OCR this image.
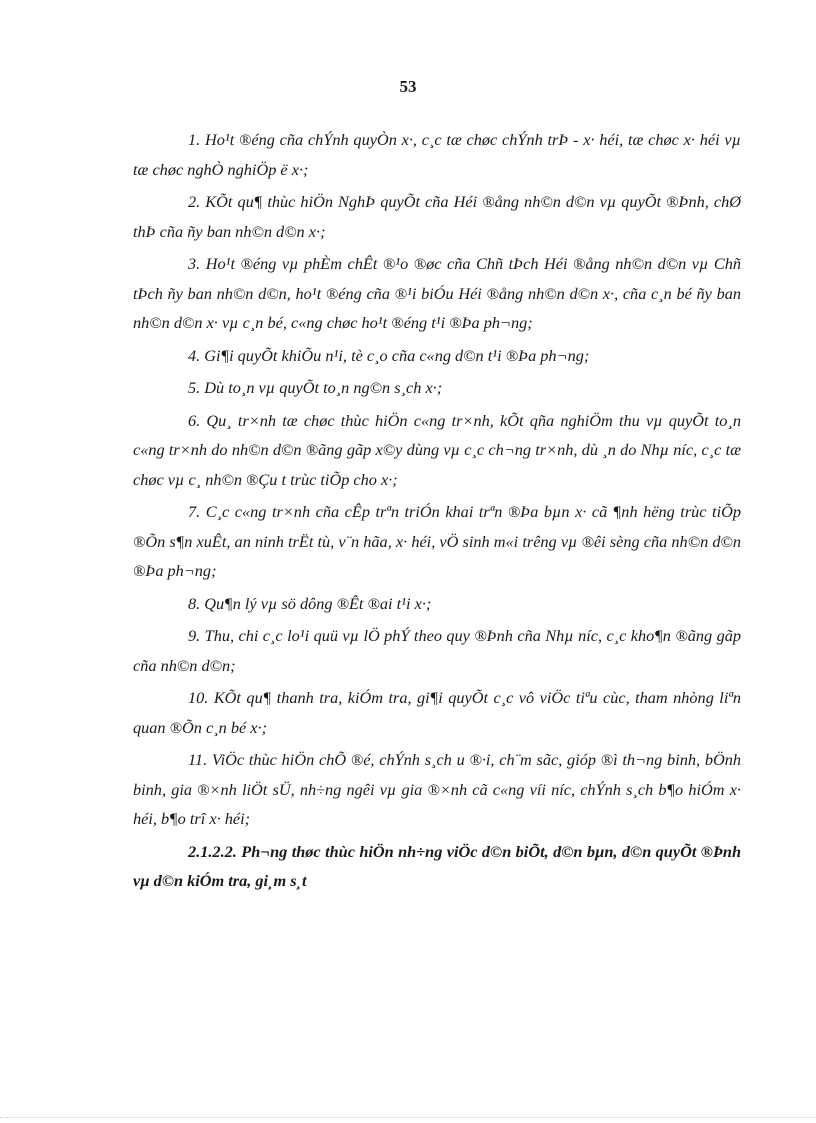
53

1. Ho¹t ®éng cña chÝnh quyÒn x·, c¸c tæ chøc chÝnh trÞ - x· héi, tæ chøc x· héi vµ tæ chøc nghÒ nghiÖp ë x·;

2. KÕt qu¶ thùc hiÖn NghÞ quyÕt cña Héi ®ång nh©n d©n vµ quyÕt ®Þnh, chØ thÞ cña ñy ban nh©n d©n x·;

3. Ho¹t ®éng vµ phÈm chÊt ®¹o ®øc cña Chñ tÞch Héi ®ång nh©n d©n vµ Chñ tÞch ñy ban nh©n d©n, ho¹t ®éng cña ®¹i biÓu Héi ®ång nh©n d©n x·, cña c¸n bé ñy ban nh©n d©n x· vµ c¸n bé, c«ng chøc ho¹t ®éng t¹i ®Þa ph¬ng;

4. Gi¶i quyÕt khiÕu n¹i, tè c¸o cña c«ng d©n t¹i ®Þa ph¬ng;

5. Dù to¸n vµ quyÕt to¸n ng©n s¸ch x·;

6. Qu¸ tr×nh tæ chøc thùc hiÖn c«ng tr×nh, kÕt qña nghiÖm thu vµ quyÕt to¸n c«ng tr×nh do nh©n d©n ®ãng gãp x©y dùng vµ c¸c ch¬ng tr×nh, dù ¸n do Nhµ níc, c¸c tæ chøc vµ c¸ nh©n ®Çu t trùc tiÕp cho x·;

7. C¸c c«ng tr×nh cña cÊp trªn triÓn khai trªn ®Þa bµn x· cã ¶nh hëng trùc tiÕp ®Õn s¶n xuÊt, an ninh trËt tù, v¨n hãa, x· héi, vÖ sinh m«i trêng vµ ®êi sèng cña nh©n d©n ®Þa ph¬ng;

8. Qu¶n lý vµ sö dông ®Êt ®ai t¹i x·;

9. Thu, chi c¸c lo¹i quü vµ lÖ phÝ theo quy ®Þnh cña Nhµ níc, c¸c kho¶n ®ãng gãp cña nh©n d©n;

10. KÕt qu¶ thanh tra, kiÓm tra, gi¶i quyÕt c¸c vô viÖc tiªu cùc, tham nhòng liªn quan ®Õn c¸n bé x·;

11. ViÖc thùc hiÖn chÕ ®é, chÝnh s¸ch u ®·i, ch¨m sãc, gióp ®ì th¬ng binh, bÖnh binh, gia ®×nh liÖt sÜ, nh÷ng ngêi vµ gia ®×nh cã c«ng víi níc, chÝnh s¸ch b¶o hiÓm x· héi, b¶o trî x· héi;

2.1.2.2. Ph¬ng thøc thùc hiÖn nh÷ng viÖc d©n biÕt, d©n bµn, d©n quyÕt ®Þnh vµ d©n kiÓm tra, gi¸m s¸t
